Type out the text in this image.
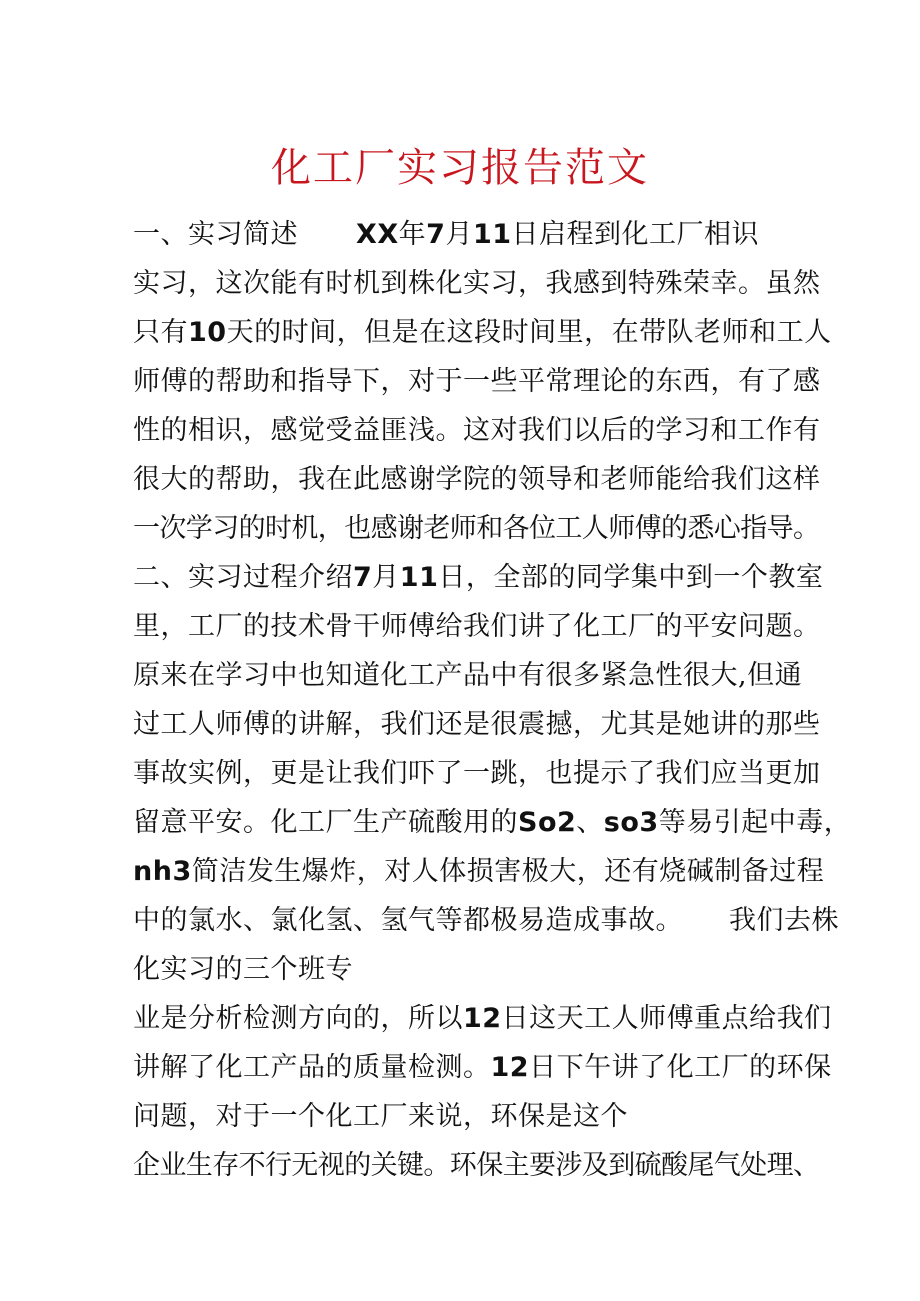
化工厂实习报告范文
一、实习简述 XX年7月11日启程到化工厂相识
实习，这次能有时机到株化实习，我感到特殊荣幸。虽然
只有10天的时间，但是在这段时间里，在带队老师和工人
师傅的帮助和指导下，对于一些平常理论的东西，有了感
性的相识，感觉受益匪浅。这对我们以后的学习和工作有
很大的帮助，我在此感谢学院的领导和老师能给我们这样
一次学习的时机，也感谢老师和各位工人师傅的悉心指导。
二、实习过程介绍7月11日，全部的同学集中到一个教室
里，工厂的技术骨干师傅给我们讲了化工厂的平安问题。
原来在学习中也知道化工产品中有很多紧急性很大,但通
过工人师傅的讲解，我们还是很震撼，尤其是她讲的那些
事故实例，更是让我们吓了一跳，也提示了我们应当更加
留意平安。化工厂生产硫酸用的So2、so3等易引起中毒，
nh3简洁发生爆炸，对人体损害极大，还有烧碱制备过程
中的氯水、氯化氢、氢气等都极易造成事故。 我们去株
化实习的三个班专
业是分析检测方向的，所以12日这天工人师傅重点给我们
讲解了化工产品的质量检测。12日下午讲了化工厂的环保
问题，对于一个化工厂来说，环保是这个
企业生存不行无视的关键。环保主要涉及到硫酸尾气处理、
